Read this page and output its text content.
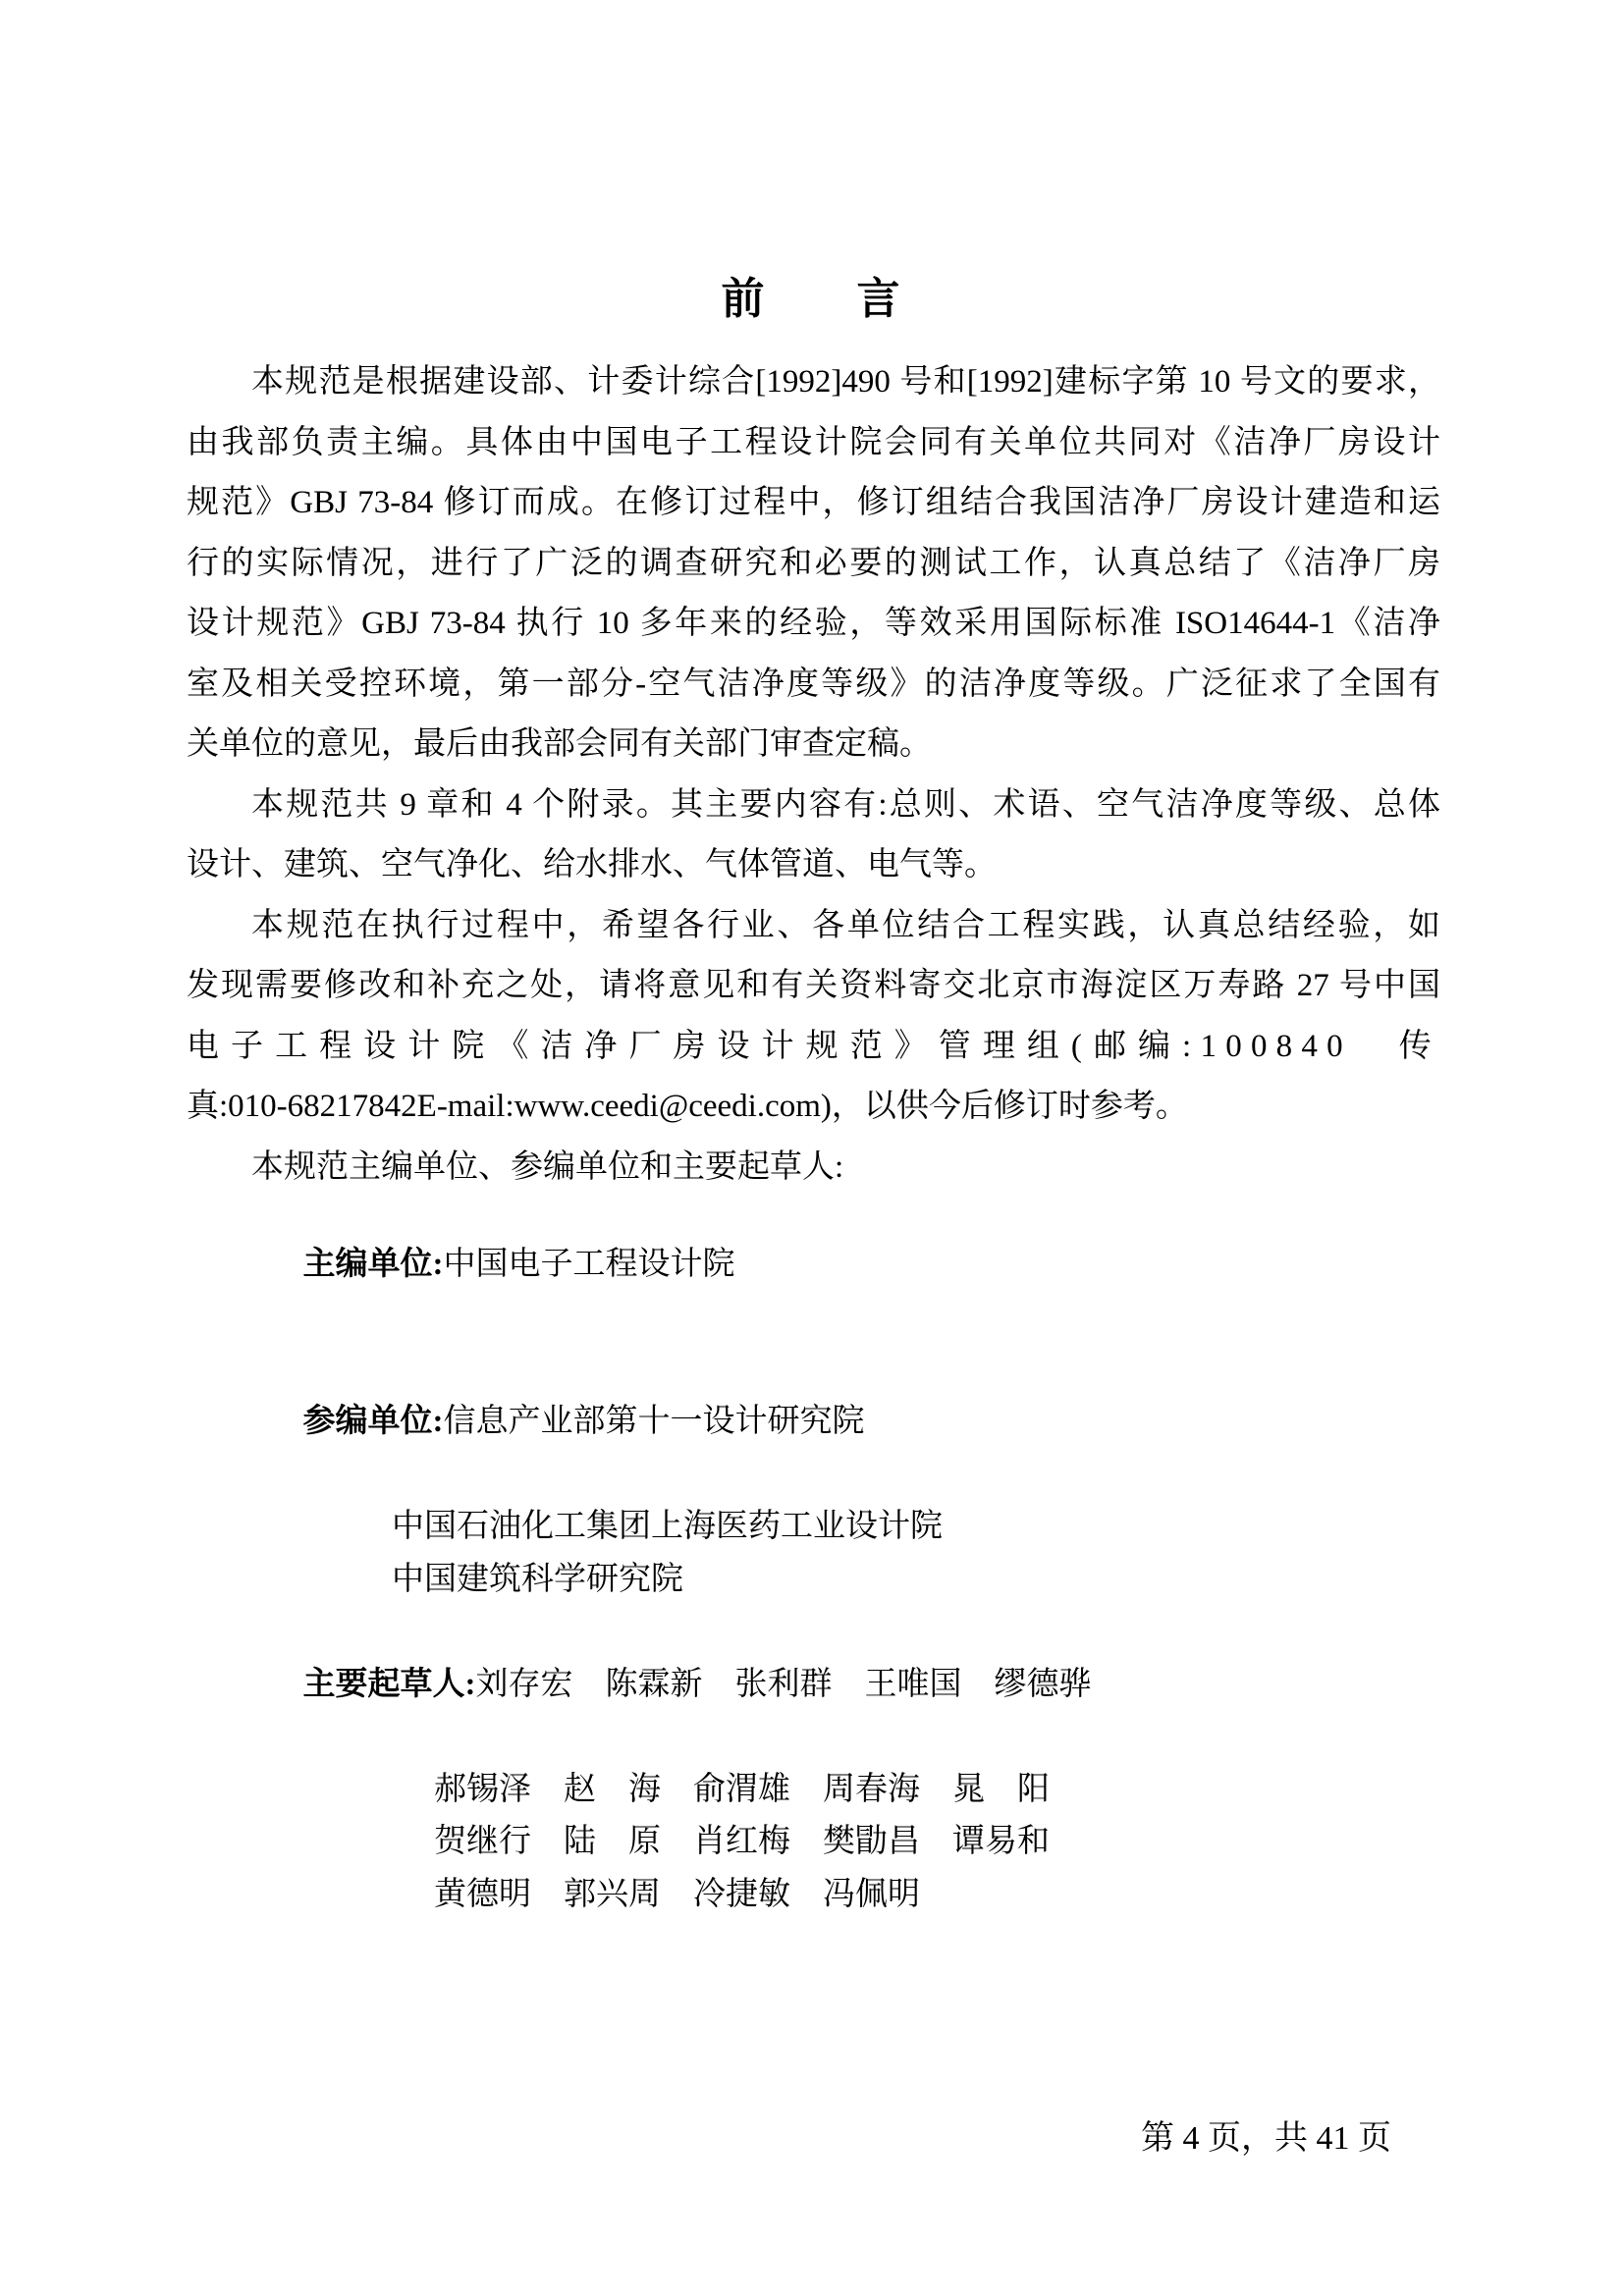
前　　言
本规范是根据建设部、计委计综合[1992]490 号和[1992]建标字第 10 号文的要求，
由我部负责主编。具体由中国电子工程设计院会同有关单位共同对《洁净厂房设计
规范》GBJ 73-84 修订而成。在修订过程中，修订组结合我国洁净厂房设计建造和运
行的实际情况，进行了广泛的调查研究和必要的测试工作，认真总结了《洁净厂房
设计规范》GBJ 73-84 执行 10 多年来的经验，等效采用国际标准 ISO14644-1《洁净
室及相关受控环境，第一部分-空气洁净度等级》的洁净度等级。广泛征求了全国有
关单位的意见，最后由我部会同有关部门审查定稿。
本规范共 9 章和 4 个附录。其主要内容有:总则、术语、空气洁净度等级、总体
设计、建筑、空气净化、给水排水、气体管道、电气等。
本规范在执行过程中，希望各行业、各单位结合工程实践，认真总结经验，如
发现需要修改和补充之处，请将意见和有关资料寄交北京市海淀区万寿路 27 号中国
电子工程设计院《洁净厂房设计规范》管理组(邮编:100840　传
真:010-68217842E-mail:www.ceedi@ceedi.com)，以供今后修订时参考。
本规范主编单位、参编单位和主要起草人:

主编单位:中国电子工程设计院

参编单位:信息产业部第十一设计研究院

中国石油化工集团上海医药工业设计院
中国建筑科学研究院

主要起草人:刘存宏　陈霖新　张利群　王唯国　缪德骅

郝锡泽　赵　海　俞渭雄　周春海　晁　阳
贺继行　陆　原　肖红梅　樊勖昌　谭易和
黄德明　郭兴周　冷捷敏　冯佩明
第 4 页，共 41 页
